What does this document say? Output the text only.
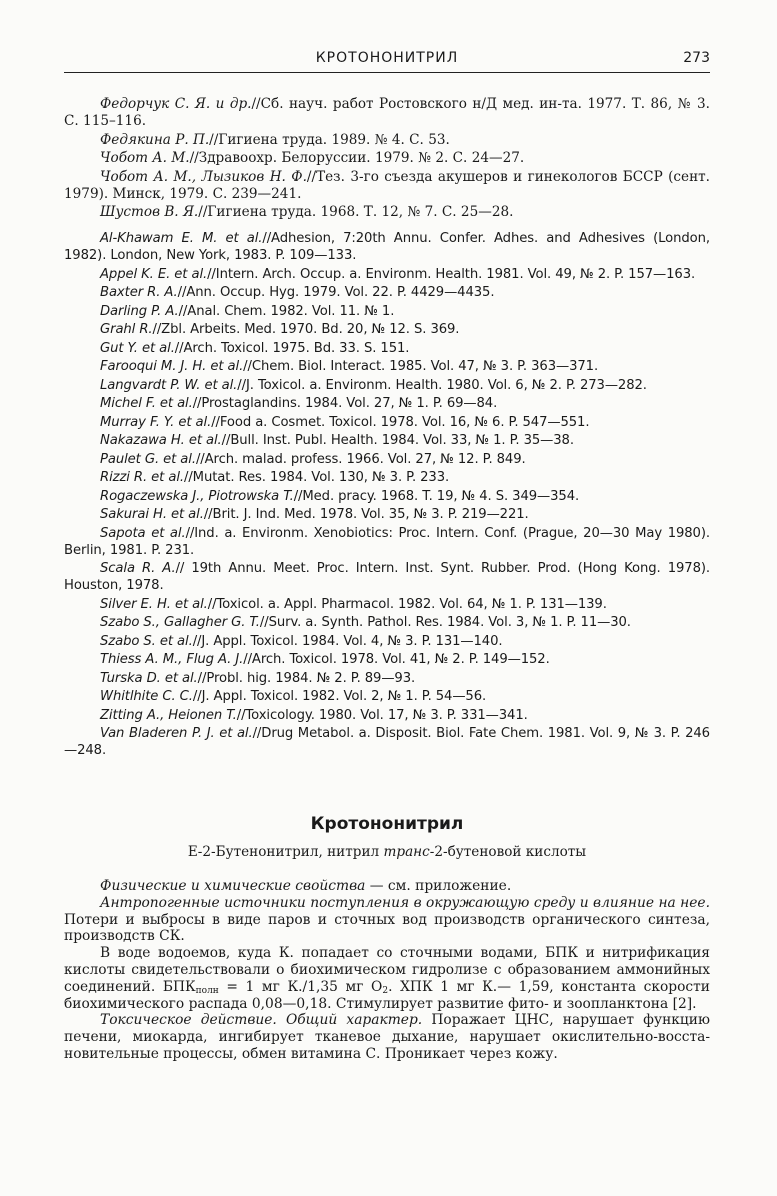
КРОТОНОНИТРИЛ	273

Федорчук С. Я. и др.//Сб. науч. работ Ростовского н/Д мед. ин-та. 1977. Т. 86, № 3. С. 115–116.

Федякина Р. П.//Гигиена труда. 1989. № 4. С. 53.

Чобот А. М.//Здравоохр. Белоруссии. 1979. № 2. С. 24—27.

Чобот А. М., Лызиков Н. Ф.//Тез. 3-го съезда акушеров и гинекологов БССР (сент. 1979). Минск, 1979. С. 239—241.

Шустов В. Я.//Гигиена труда. 1968. Т. 12, № 7. С. 25—28.

Al-Khawam E. M. et al.//Adhesion, 7:20th Annu. Confer. Adhes. and Adhesives (London, 1982). London, New York, 1983. P. 109—133.

Appel K. E. et al.//Intern. Arch. Occup. a. Environm. Health. 1981. Vol. 49, № 2. P. 157—163.

Baxter R. A.//Ann. Occup. Hyg. 1979. Vol. 22. P. 4429—4435.

Darling P. A.//Anal. Chem. 1982. Vol. 11. № 1.

Grahl R.//Zbl. Arbeits. Med. 1970. Bd. 20, № 12. S. 369.

Gut Y. et al.//Arch. Toxicol. 1975. Bd. 33. S. 151.

Farooqui M. J. H. et al.//Chem. Biol. Interact. 1985. Vol. 47, № 3. P. 363—371.

Langvardt P. W. et al.//J. Toxicol. a. Environm. Health. 1980. Vol. 6, № 2. P. 273—282.

Michel F. et al.//Prostaglandins. 1984. Vol. 27, № 1. P. 69—84.

Murray F. Y. et al.//Food a. Cosmet. Toxicol. 1978. Vol. 16, № 6. P. 547—551.

Nakazawa H. et al.//Bull. Inst. Publ. Health. 1984. Vol. 33, № 1. P. 35—38.

Paulet G. et al.//Arch. malad. profess. 1966. Vol. 27, № 12. P. 849.

Rizzi R. et al.//Mutat. Res. 1984. Vol. 130, № 3. P. 233.

Rogaczewska J., Piotrowska T.//Med. pracy. 1968. T. 19, № 4. S. 349—354.

Sakurai H. et al.//Brit. J. Ind. Med. 1978. Vol. 35, № 3. P. 219—221.

Sapota et al.//Ind. a. Environm. Xenobiotics: Proc. Intern. Conf. (Prague, 20—30 May 1980). Berlin, 1981. P. 231.

Scala R. A.// 19th Annu. Meet. Proc. Intern. Inst. Synt. Rubber. Prod. (Hong Kong. 1978). Houston, 1978.

Silver E. H. et al.//Toxicol. a. Appl. Pharmacol. 1982. Vol. 64, № 1. P. 131—139.

Szabo S., Gallagher G. T.//Surv. a. Synth. Pathol. Res. 1984. Vol. 3, № 1. P. 11—30.

Szabo S. et al.//J. Appl. Toxicol. 1984. Vol. 4, № 3. P. 131—140.

Thiess A. M., Flug A. J.//Arch. Toxicol. 1978. Vol. 41, № 2. P. 149—152.

Turska D. et al.//Probl. hig. 1984. № 2. P. 89—93.

Whitlhite C. C.//J. Appl. Toxicol. 1982. Vol. 2, № 1. P. 54—56.

Zitting A., Heionen T.//Toxicology. 1980. Vol. 17, № 3. P. 331—341.

Van Bladeren P. J. et al.//Drug Metabol. a. Disposit. Biol. Fate Chem. 1981. Vol. 9, № 3. P. 246—248.

Кротононитрил
Е-2-Бутенонитрил, нитрил транс-2-бутеновой кислоты

Физические и химические свойства — см. приложение.

Антропогенные источники поступления в окружающую среду и влияние на нее. Потери и выбросы в виде паров и сточных вод производств органического синтеза, производств СК.

В воде водоемов, куда К. попадает со сточными водами, БПК и нитрификация кислоты свидетельствовали о биохимическом гидролизе с образованием аммонийных соединений. $БПК_{полн} = 1$ мг К./1,35 мг $O_2$. ХПК 1 мг К.— 1,59, константа скорости биохимического распада 0,08—0,18. Стимулирует развитие фито- и зоопланктона [2].

Токсическое действие. Общий характер. Поражает ЦНС, нарушает функцию печени, миокарда, ингибирует тканевое дыхание, нарушает окислительно-восстановительные процессы, обмен витамина С. Проникает через кожу.
